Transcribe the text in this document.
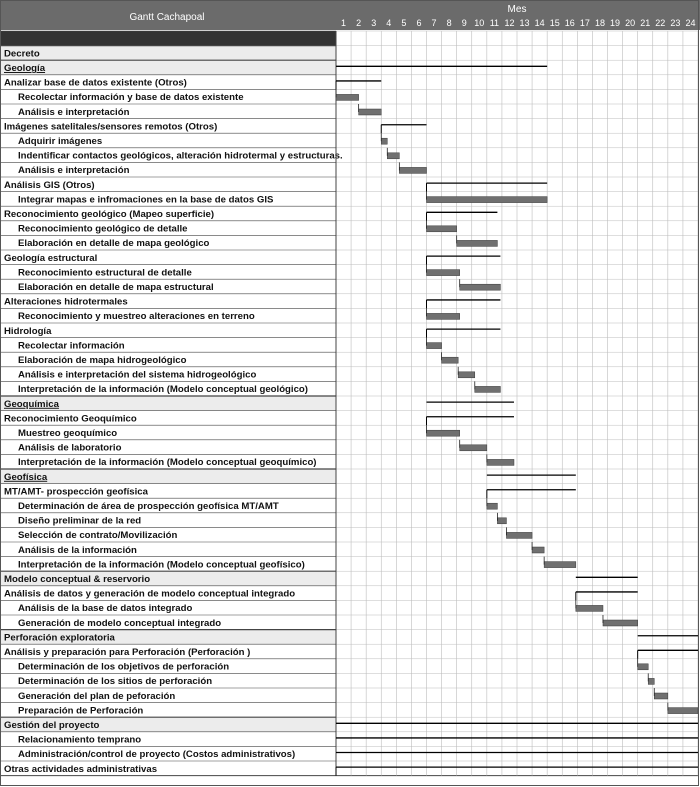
Gantt Cachapoal
Mes
1 2 3 4 5 6 7 8 9 10 11 12 13 14 15 16 17 18 19 20 21 22 23 24
Decreto
Geología
Analizar base de datos existente (Otros)
Recolectar información y base de datos existente
Análisis e interpretación
Imágenes satelitales/sensores remotos (Otros)
Adquirir imágenes
Indentificar contactos geológicos, alteración hidrotermal y estructuras.
Análisis e interpretación
Análisis GIS (Otros)
Integrar mapas e infromaciones en la base de datos GIS
Reconocimiento geológico (Mapeo superficie)
Reconocimiento geológico de detalle
Elaboración en detalle de mapa geológico
Geología estructural
Reconocimiento estructural de detalle
Elaboración en detalle de mapa estructural
Alteraciones hidrotermales
Reconocimiento y muestreo alteraciones en terreno
Hidrología
Recolectar información
Elaboración de mapa hidrogeológico
Análisis e interpretación del sistema hidrogeológico
Interpretación de la información (Modelo conceptual geológico)
Geoquímica
Reconocimiento Geoquímico
Muestreo geoquímico
Análisis de laboratorio
Interpretación de la información (Modelo conceptual geoquímico)
Geofísica
MT/AMT- prospección geofísica
Determinación de área de prospección geofísica MT/AMT
Diseño preliminar de la red
Selección de contrato/Movilización
Análisis de la información
Interpretación de la información (Modelo conceptual geofísico)
Modelo conceptual & reservorio
Análisis de datos y generación de modelo conceptual integrado
Análisis de la base de datos integrado
Generación de modelo conceptual integrado
Perforación exploratoria
Análisis y preparación para Perforación (Perforación )
Determinación de los objetivos de perforación
Determinación de los sitios de perforación
Generación del plan de peforación
Preparación de Perforación
Gestión del proyecto
Relacionamiento temprano
Administración/control de proyecto (Costos administrativos)
Otras actividades administrativas
